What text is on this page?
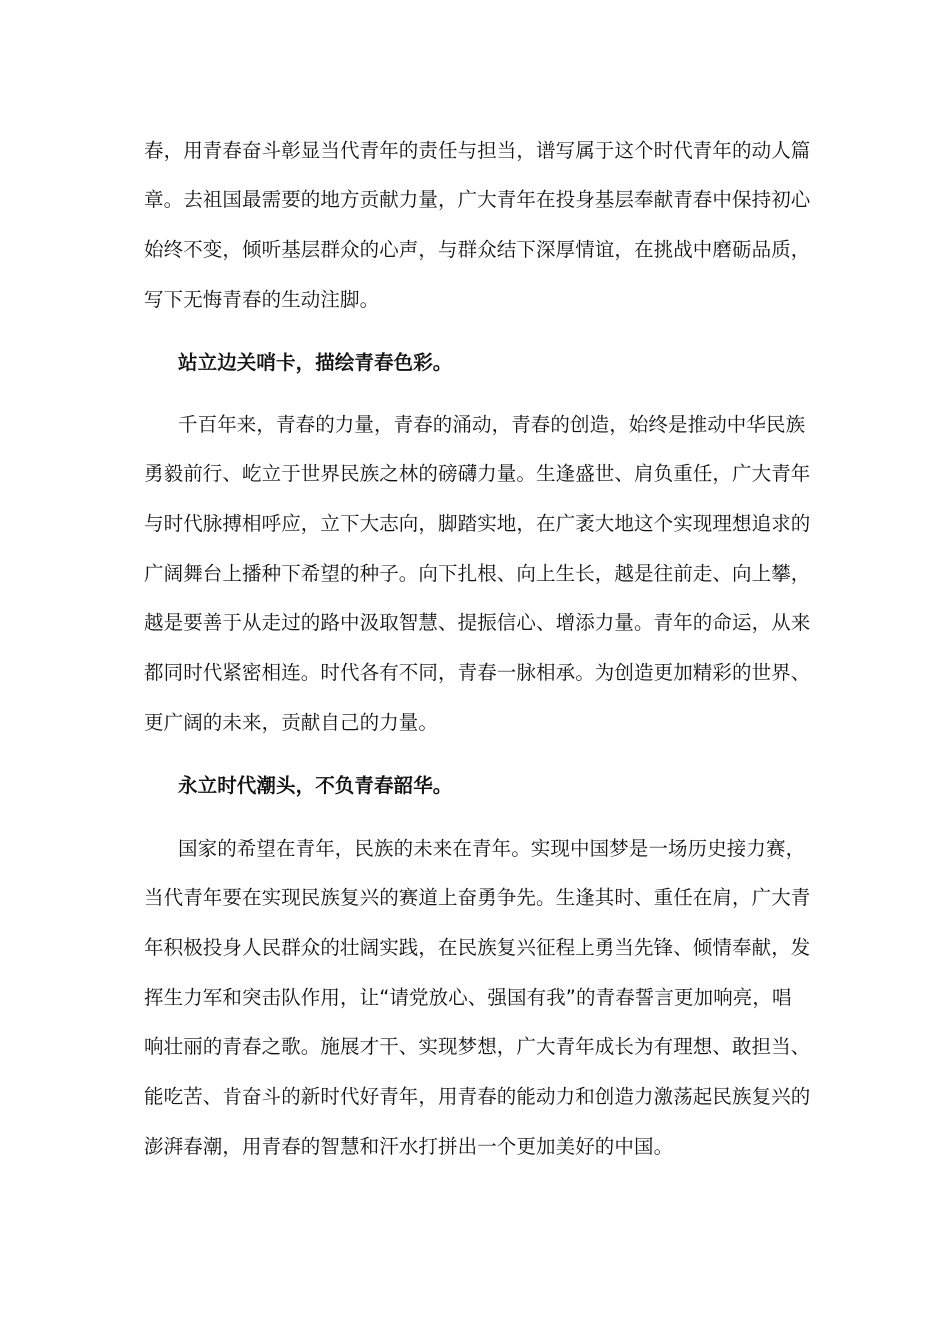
春，用青春奋斗彰显当代青年的责任与担当，谱写属于这个时代青年的动人篇
章。去祖国最需要的地方贡献力量，广大青年在投身基层奉献青春中保持初心
始终不变，倾听基层群众的心声，与群众结下深厚情谊，在挑战中磨砺品质，
写下无悔青春的生动注脚。
站立边关哨卡，描绘青春色彩。
千百年来，青春的力量，青春的涌动，青春的创造，始终是推动中华民族
勇毅前行、屹立于世界民族之林的磅礴力量。生逢盛世、肩负重任，广大青年
与时代脉搏相呼应，立下大志向，脚踏实地，在广袤大地这个实现理想追求的
广阔舞台上播种下希望的种子。向下扎根、向上生长，越是往前走、向上攀，
越是要善于从走过的路中汲取智慧、提振信心、增添力量。青年的命运，从来
都同时代紧密相连。时代各有不同，青春一脉相承。为创造更加精彩的世界、
更广阔的未来，贡献自己的力量。
永立时代潮头，不负青春韶华。
国家的希望在青年，民族的未来在青年。实现中国梦是一场历史接力赛，
当代青年要在实现民族复兴的赛道上奋勇争先。生逢其时、重任在肩，广大青
年积极投身人民群众的壮阔实践，在民族复兴征程上勇当先锋、倾情奉献，发
挥生力军和突击队作用，让“请党放心、强国有我”的青春誓言更加响亮，唱
响壮丽的青春之歌。施展才干、实现梦想，广大青年成长为有理想、敢担当、
能吃苦、肯奋斗的新时代好青年，用青春的能动力和创造力激荡起民族复兴的
澎湃春潮，用青春的智慧和汗水打拼出一个更加美好的中国。
